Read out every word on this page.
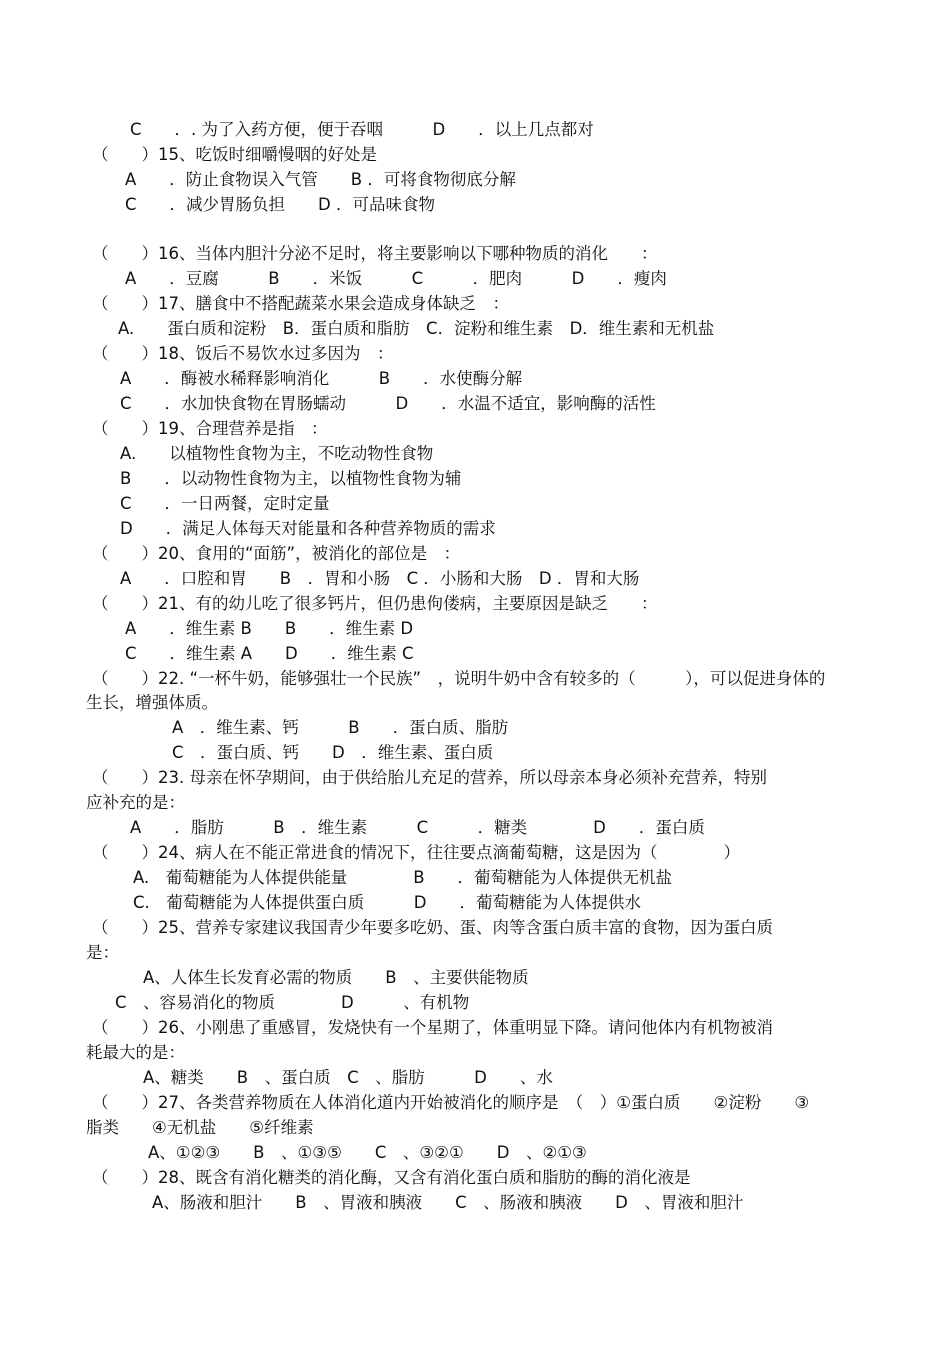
C　　．. 为了入药方便，便于吞咽　　　D　　．以上几点都对
（　　）15、吃饭时细嚼慢咽的好处是
A　　．防止食物误入气管　　B ．可将食物彻底分解
C　　．减少胃肠负担　　D ．可品味食物
（　　）16、当体内胆汁分泌不足时，将主要影响以下哪种物质的消化　　：
A　　．豆腐　　　B　　．米饭　　　C　　　．肥肉　　　D　　．瘦肉
（　　）17、膳食中不搭配蔬菜水果会造成身体缺乏　：
A.　　蛋白质和淀粉　B．蛋白质和脂肪　C．淀粉和维生素　D．维生素和无机盐
（　　）18、饭后不易饮水过多因为　：
A　　．酶被水稀释影响消化　　　B　　．水使酶分解
C　　．水加快食物在胃肠蠕动　　　D　　．水温不适宜，影响酶的活性
（　　）19、合理营养是指　：
A.　　以植物性食物为主，不吃动物性食物
B　　．以动物性食物为主，以植物性食物为辅
C　　．一日两餐，定时定量
D　　．满足人体每天对能量和各种营养物质的需求
（　　）20、食用的“面筋”，被消化的部位是　：
A　　．口腔和胃　　B　．胃和小肠　C ．小肠和大肠　D ．胃和大肠
（　　）21、有的幼儿吃了很多钙片，但仍患佝偻病，主要原因是缺乏　　：
A　　．维生素 B　　B　　．维生素 D
C　　．维生素 A　　D　　．维生素 C
（　　）22. “一杯牛奶，能够强壮一个民族”　，说明牛奶中含有较多的（　　　），可以促进身体的
生长，增强体质。
A　．维生素、钙　　　B　　．蛋白质、脂肪
C　．蛋白质、钙　　D　．维生素、蛋白质
（　　）23. 母亲在怀孕期间，由于供给胎儿充足的营养，所以母亲本身必须补充营养，特别
应补充的是：
A　　．脂肪　　　B　．维生素　　　C　　　．糖类　　　　D　　．蛋白质
（　　）24、病人在不能正常进食的情况下，往往要点滴葡萄糖，这是因为（　　　　）
A.　葡萄糖能为人体提供能量　　　　B　　．葡萄糖能为人体提供无机盐
C.　葡萄糖能为人体提供蛋白质　　　D　　．葡萄糖能为人体提供水
（　　）25、营养专家建议我国青少年要多吃奶、蛋、肉等含蛋白质丰富的食物，因为蛋白质
是：
A、人体生长发育必需的物质　　B　、主要供能物质
C　、容易消化的物质　　　　D　　　、有机物
（　　）26、小刚患了重感冒，发烧快有一个星期了，体重明显下降。请问他体内有机物被消
耗最大的是：
A、糖类　　B　、蛋白质　C　、脂肪　　　D　　、水
（　　）27、各类营养物质在人体消化道内开始被消化的顺序是　（　）①蛋白质　　②淀粉　　③
脂类　　④无机盐　　⑤纤维素
A、①②③　　B　、①③⑤　　C　、③②①　　D　、②①③
（　　）28、既含有消化糖类的消化酶，又含有消化蛋白质和脂肪的酶的消化液是
A、肠液和胆汁　　B　、胃液和胰液　　C　、肠液和胰液　　D　、胃液和胆汁
